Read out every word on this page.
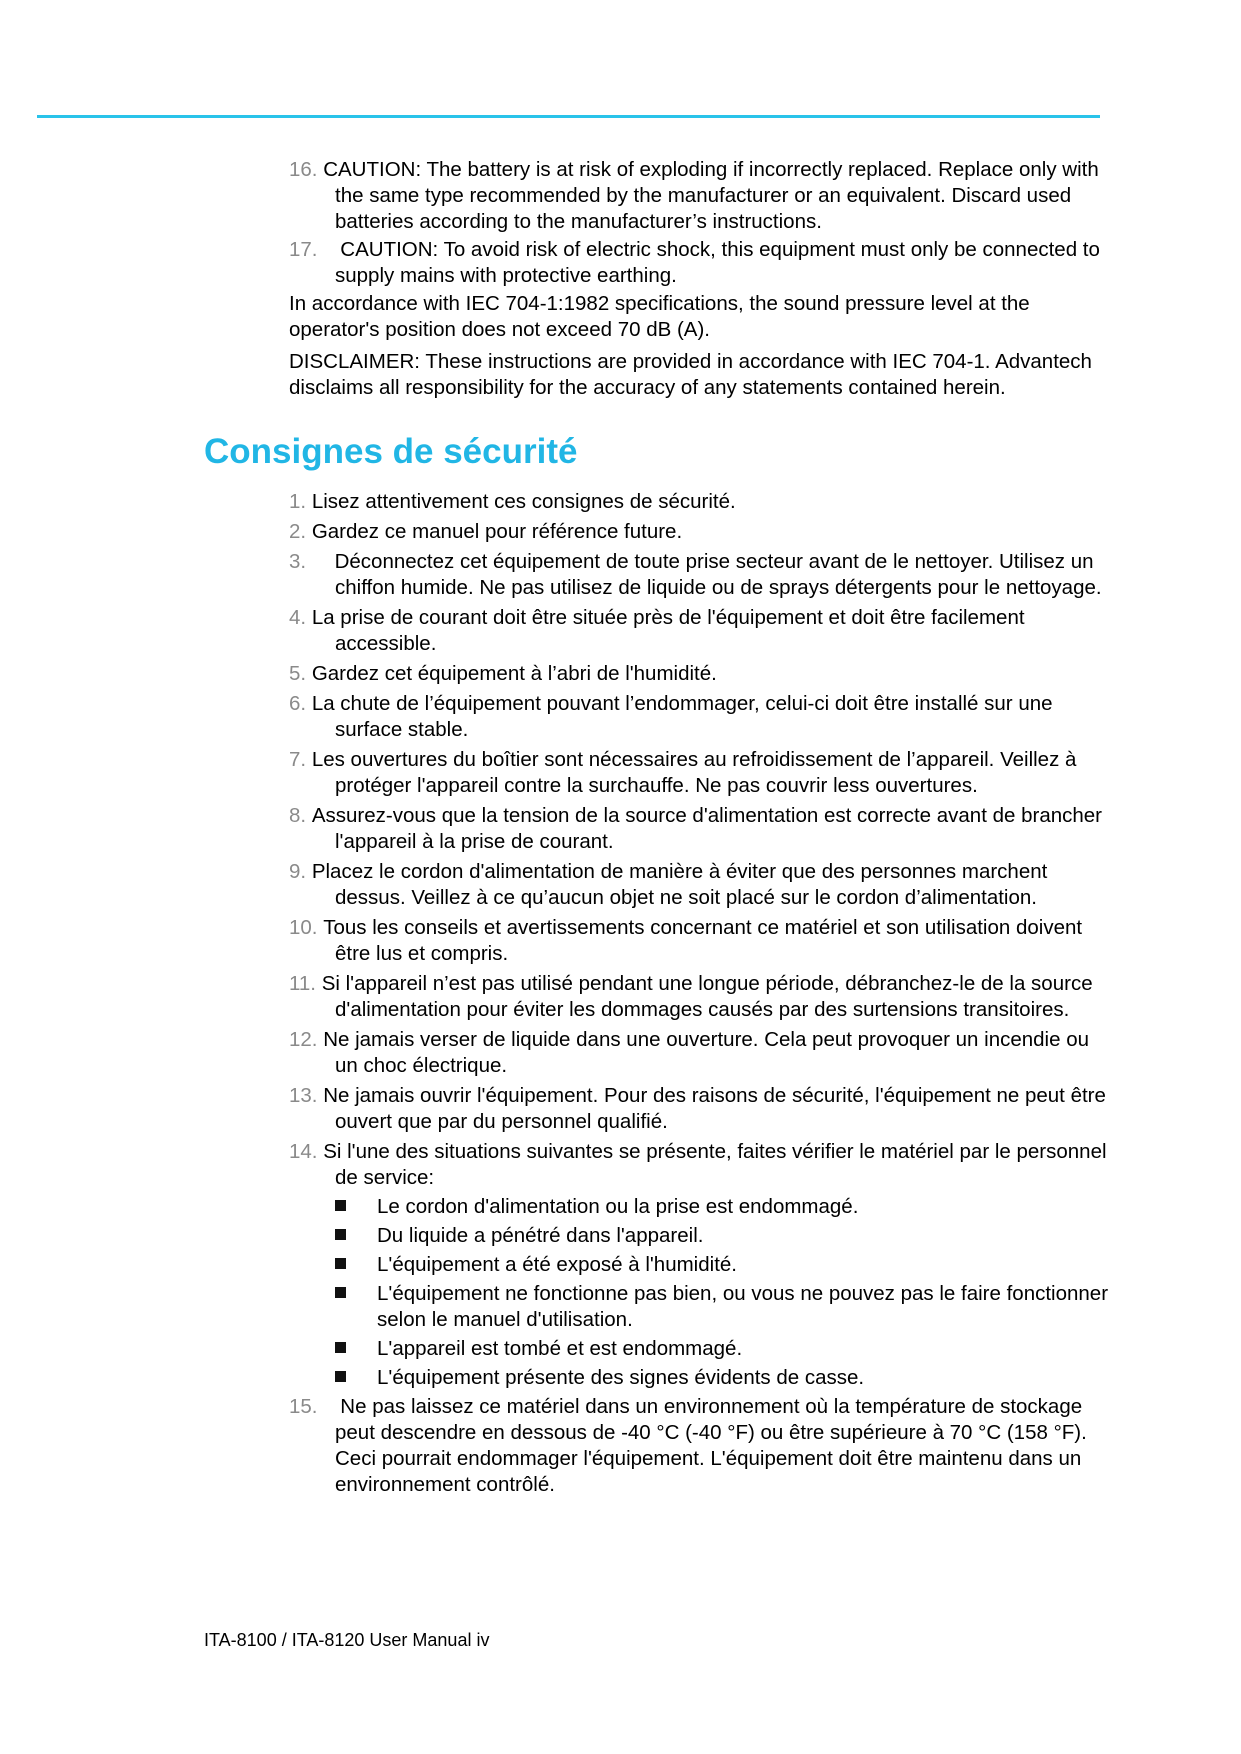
16. CAUTION: The battery is at risk of exploding if incorrectly replaced. Replace only with the same type recommended by the manufacturer or an equivalent. Discard used batteries according to the manufacturer’s instructions.
17. CAUTION: To avoid risk of electric shock, this equipment must only be connected to supply mains with protective earthing.
In accordance with IEC 704-1:1982 specifications, the sound pressure level at the operator's position does not exceed 70 dB (A).
DISCLAIMER: These instructions are provided in accordance with IEC 704-1. Advantech disclaims all responsibility for the accuracy of any statements contained herein.
Consignes de sécurité
1. Lisez attentivement ces consignes de sécurité.
2. Gardez ce manuel pour référence future.
3. Déconnectez cet équipement de toute prise secteur avant de le nettoyer. Utilisez un chiffon humide. Ne pas utilisez de liquide ou de sprays détergents pour le nettoyage.
4. La prise de courant doit être située près de l'équipement et doit être facilement accessible.
5. Gardez cet équipement à l’abri de l'humidité.
6. La chute de l’équipement pouvant l’endommager, celui-ci doit être installé sur une surface stable.
7. Les ouvertures du boîtier sont nécessaires au refroidissement de l’appareil. Veillez à protéger l'appareil contre la surchauffe. Ne pas couvrir less ouvertures.
8. Assurez-vous que la tension de la source d'alimentation est correcte avant de brancher l'appareil à la prise de courant.
9. Placez le cordon d'alimentation de manière à éviter que des personnes marchent dessus. Veillez à ce qu’aucun objet ne soit placé sur le cordon d’alimentation.
10. Tous les conseils et avertissements concernant ce matériel et son utilisation doivent être lus et compris.
11. Si l'appareil n’est pas utilisé pendant une longue période, débranchez-le de la source d'alimentation pour éviter les dommages causés par des surtensions transitoires.
12. Ne jamais verser de liquide dans une ouverture. Cela peut provoquer un incendie ou un choc électrique.
13. Ne jamais ouvrir l'équipement. Pour des raisons de sécurité, l'équipement ne peut être ouvert que par du personnel qualifié.
14. Si l'une des situations suivantes se présente, faites vérifier le matériel par le personnel de service:
Le cordon d'alimentation ou la prise est endommagé.
Du liquide a pénétré dans l'appareil.
L'équipement a été exposé à l'humidité.
L'équipement ne fonctionne pas bien, ou vous ne pouvez pas le faire fonctionner selon le manuel d'utilisation.
L'appareil est tombé et est endommagé.
L'équipement présente des signes évidents de casse.
15. Ne pas laissez ce matériel dans un environnement où la température de stockage peut descendre en dessous de -40 °C (-40 °F) ou être supérieure à 70 °C (158 °F). Ceci pourrait endommager l'équipement. L'équipement doit être maintenu dans un environnement contrôlé.
ITA-8100 / ITA-8120 User Manual iv
